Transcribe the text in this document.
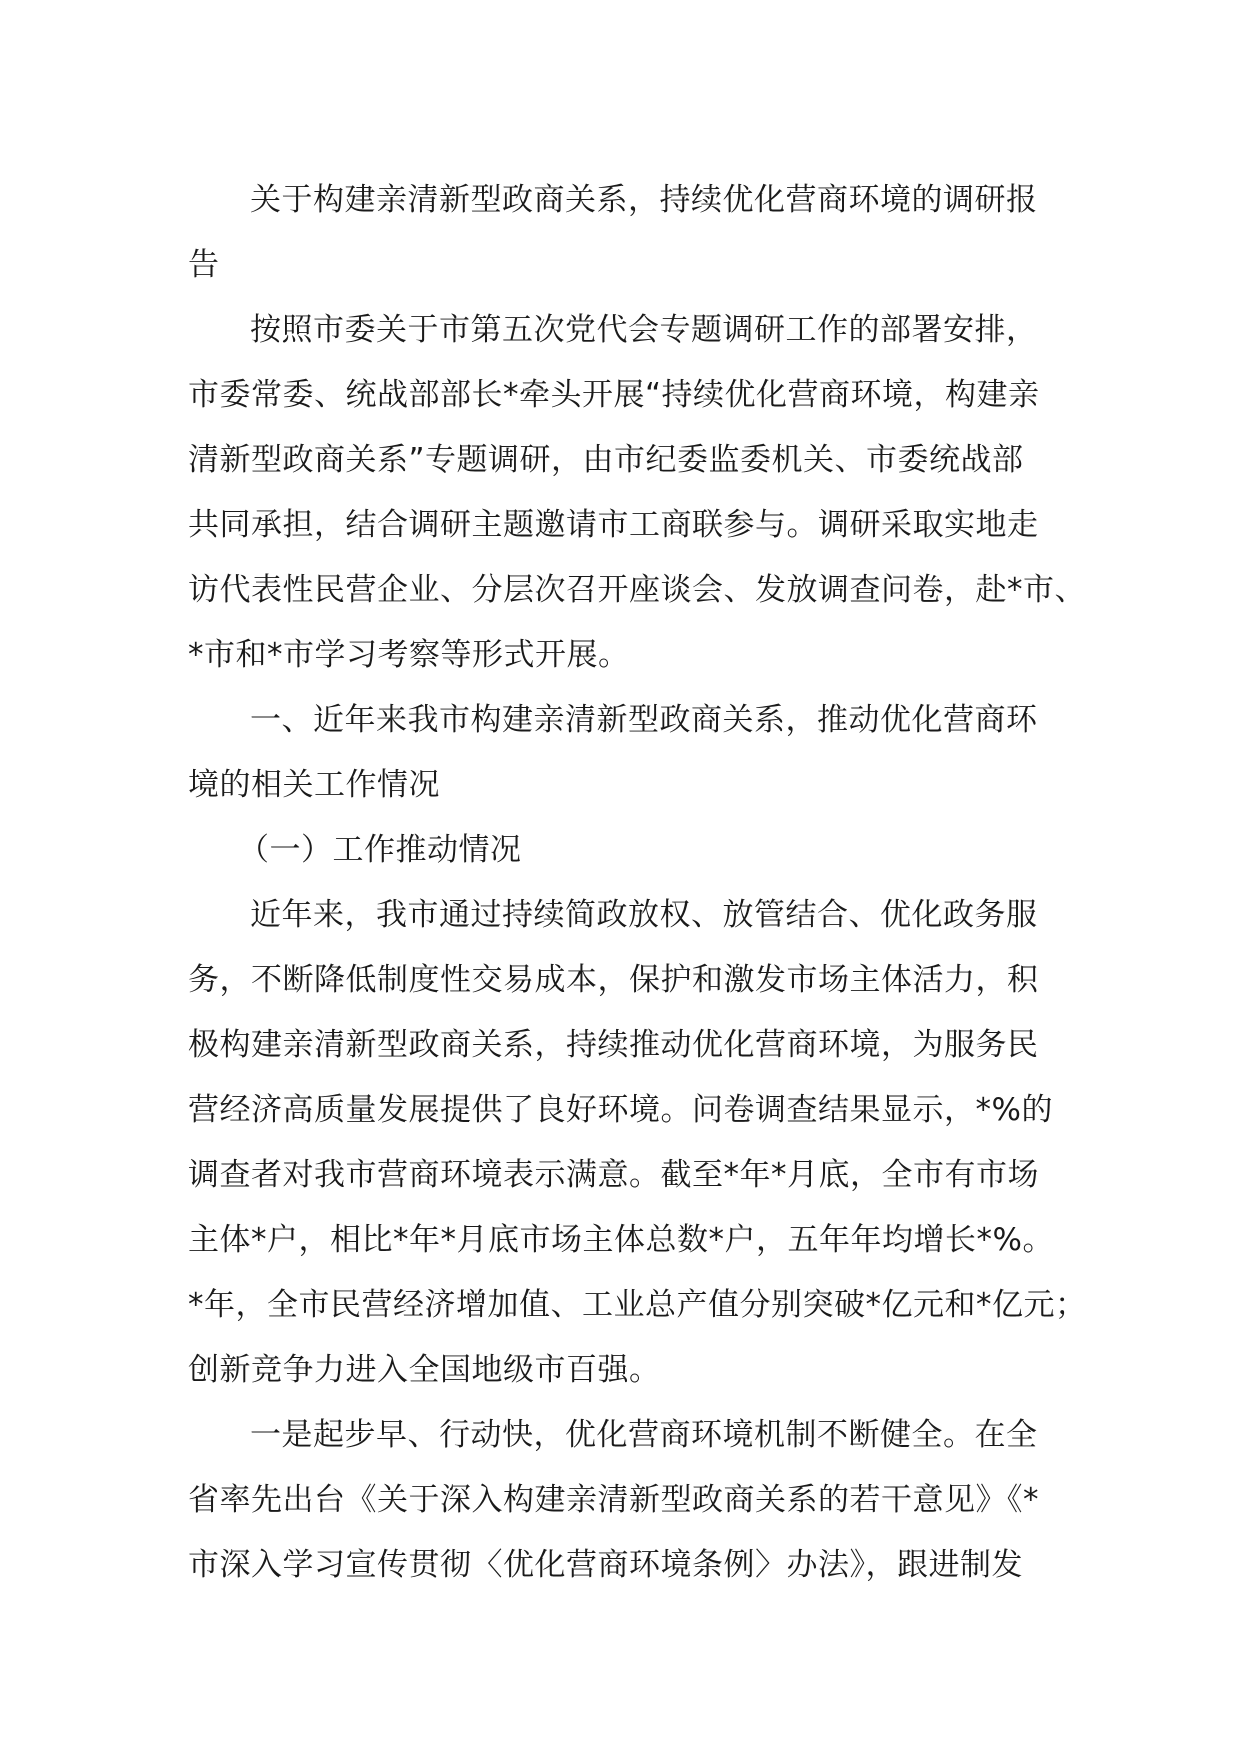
关于构建亲清新型政商关系，持续优化营商环境的调研报
告
按照市委关于市第五次党代会专题调研工作的部署安排，
市委常委、统战部部长*牵头开展“持续优化营商环境，构建亲
清新型政商关系”专题调研，由市纪委监委机关、市委统战部
共同承担，结合调研主题邀请市工商联参与。调研采取实地走
访代表性民营企业、分层次召开座谈会、发放调查问卷，赴*市、
*市和*市学习考察等形式开展。
一、近年来我市构建亲清新型政商关系，推动优化营商环
境的相关工作情况
（一）工作推动情况
近年来，我市通过持续简政放权、放管结合、优化政务服
务，不断降低制度性交易成本，保护和激发市场主体活力，积
极构建亲清新型政商关系，持续推动优化营商环境，为服务民
营经济高质量发展提供了良好环境。问卷调查结果显示，*%的
调查者对我市营商环境表示满意。截至*年*月底，全市有市场
主体*户，相比*年*月底市场主体总数*户，五年年均增长*%。
*年，全市民营经济增加值、工业总产值分别突破*亿元和*亿元；
创新竞争力进入全国地级市百强。
一是起步早、行动快，优化营商环境机制不断健全。在全
省率先出台《关于深入构建亲清新型政商关系的若干意见》《*
市深入学习宣传贯彻〈优化营商环境条例〉办法》，跟进制发
